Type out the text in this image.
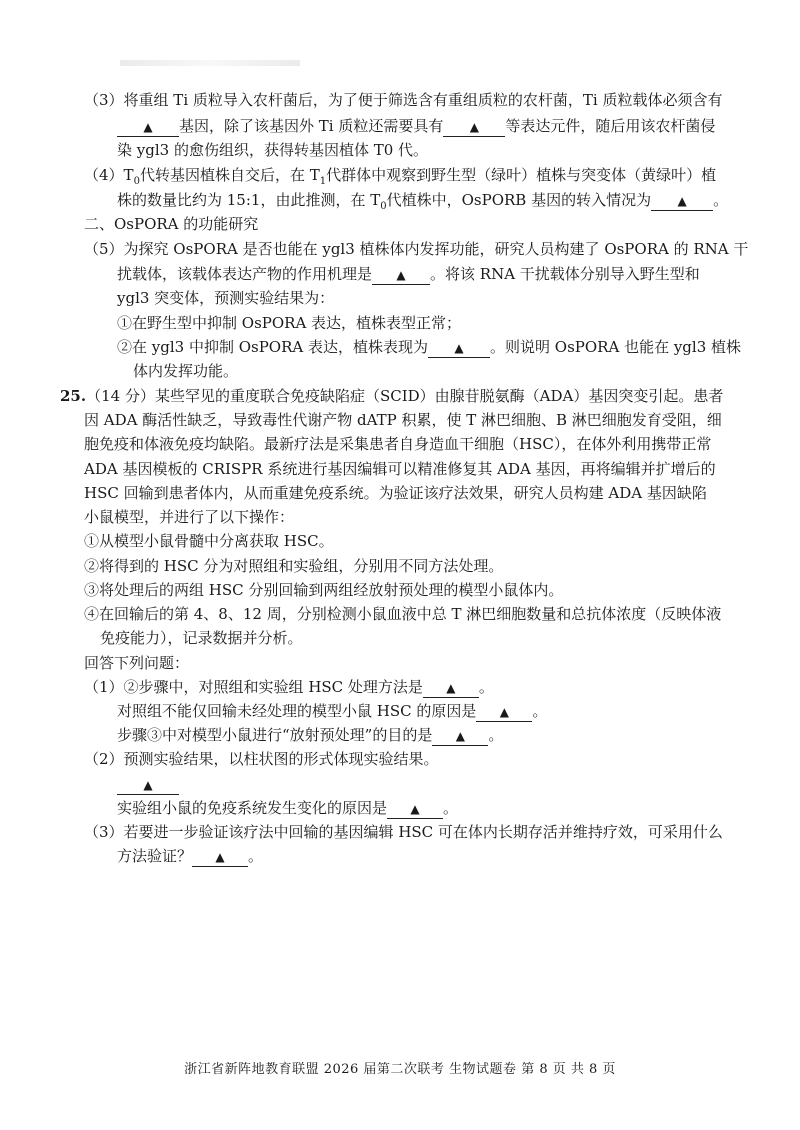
（3）将重组 Ti 质粒导入农杆菌后，为了便于筛选含有重组质粒的农杆菌，Ti 质粒载体必须含有
▲ 基因，除了该基因外 Ti 质粒还需要具有 ▲ 等表达元件，随后用该农杆菌侵
染 ygl3 的愈伤组织，获得转基因植体 T0 代。
$(4)T_0$代转基因植株自交后，在 $T_1$代群体中观察到野生型（绿叶）植株与突变体（黄绿叶）植
株的数量比约为 15:1，由此推测，在 $T_0$代植株中，OsPORB 基因的转入情况为 ▲ 。
二、OsPORA 的功能研究
（5）为探究 OsPORA 是否也能在 ygl3 植株体内发挥功能，研究人员构建了 OsPORA 的 RNA 干
扰载体，该载体表达产物的作用机理是 ▲ 。将该 RNA 干扰载体分别导入野生型和
ygl3 突变体，预测实验结果为：
①在野生型中抑制 OsPORA 表达，植株表型正常；
②在 ygl3 中抑制 OsPORA 表达，植株表现为 ▲ 。则说明 OsPORA 也能在 ygl3 植株
体内发挥功能。
25.（14 分）某些罕见的重度联合免疫缺陷症（SCID）由腺苷脱氨酶（ADA）基因突变引起。患者
因 ADA 酶活性缺乏，导致毒性代谢产物 dATP 积累，使 T 淋巴细胞、B 淋巴细胞发育受阻，细
胞免疫和体液免疫均缺陷。最新疗法是采集患者自身造血干细胞（HSC），在体外利用携带正常
ADA 基因模板的 CRISPR 系统进行基因编辑可以精准修复其 ADA 基因，再将编辑并扩增后的
HSC 回输到患者体内，从而重建免疫系统。为验证该疗法效果，研究人员构建 ADA 基因缺陷
小鼠模型，并进行了以下操作：
①从模型小鼠骨髓中分离获取 HSC。
②将得到的 HSC 分为对照组和实验组，分别用不同方法处理。
③将处理后的两组 HSC 分别回输到两组经放射预处理的模型小鼠体内。
④在回输后的第 4、8、12 周，分别检测小鼠血液中总 T 淋巴细胞数量和总抗体浓度（反映体液
免疫能力），记录数据并分析。
回答下列问题：
（1）②步骤中，对照组和实验组 HSC 处理方法是 ▲ 。
对照组不能仅回输未经处理的模型小鼠 HSC 的原因是 ▲ 。
步骤③中对模型小鼠进行“放射预处理”的目的是 ▲ 。
（2）预测实验结果，以柱状图的形式体现实验结果。
▲
实验组小鼠的免疫系统发生变化的原因是 ▲ 。
（3）若要进一步验证该疗法中回输的基因编辑 HSC 可在体内长期存活并维持疗效，可采用什么
方法验证？ ▲ 。
浙江省新阵地教育联盟 2026 届第二次联考 生物试题卷 第 8 页 共 8 页
